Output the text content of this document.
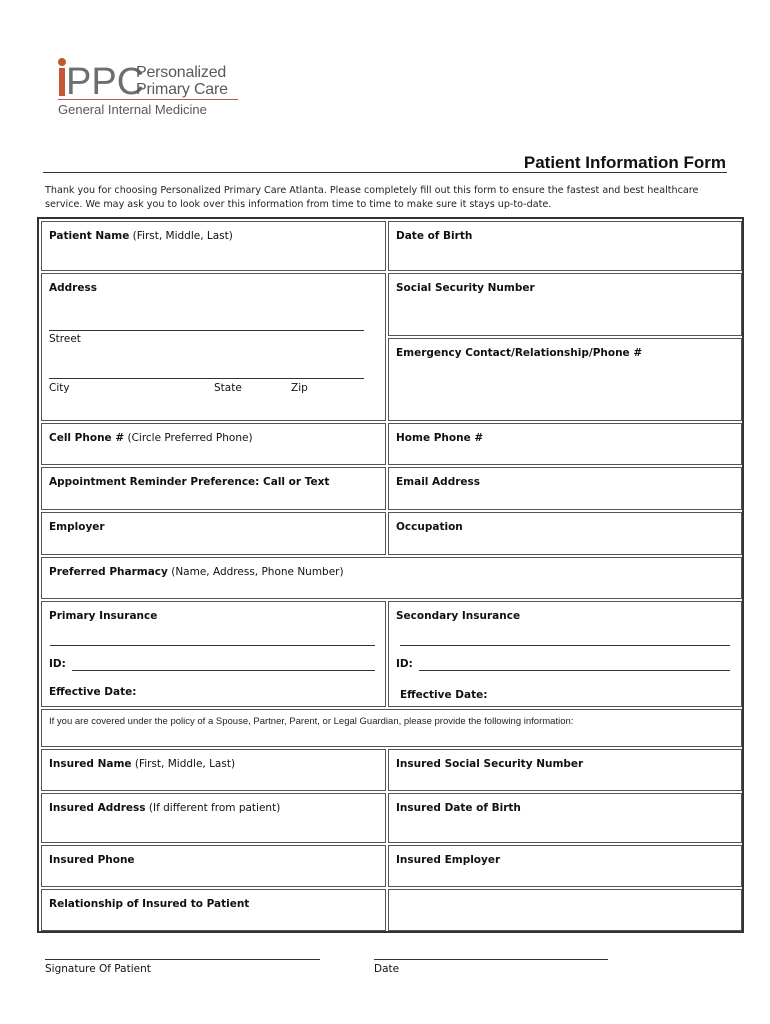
PPC
Personalized
Primary Care
General Internal Medicine
Patient Information Form
Thank you for choosing Personalized Primary Care Atlanta. Please completely fill out this form to ensure the fastest and best healthcare service. We may ask you to look over this information from time to time to make sure it stays up-to-date.
Patient Name (First, Middle, Last)	Date of Birth
Address
Street
City	State	Zip
Social Security Number
Emergency Contact/Relationship/Phone #
Cell Phone # (Circle Preferred Phone)	Home Phone #
Appointment Reminder Preference: Call or Text	Email Address
Employer	Occupation
Preferred Pharmacy (Name, Address, Phone Number)
Primary Insurance
ID:
Effective Date:
Secondary Insurance
ID:
Effective Date:
If you are covered under the policy of a Spouse, Partner, Parent, or Legal Guardian, please provide the following information:
Insured Name (First, Middle, Last)	Insured Social Security Number
Insured Address (If different from patient)	Insured Date of Birth
Insured Phone	Insured Employer
Relationship of Insured to Patient
Signature Of Patient	Date
